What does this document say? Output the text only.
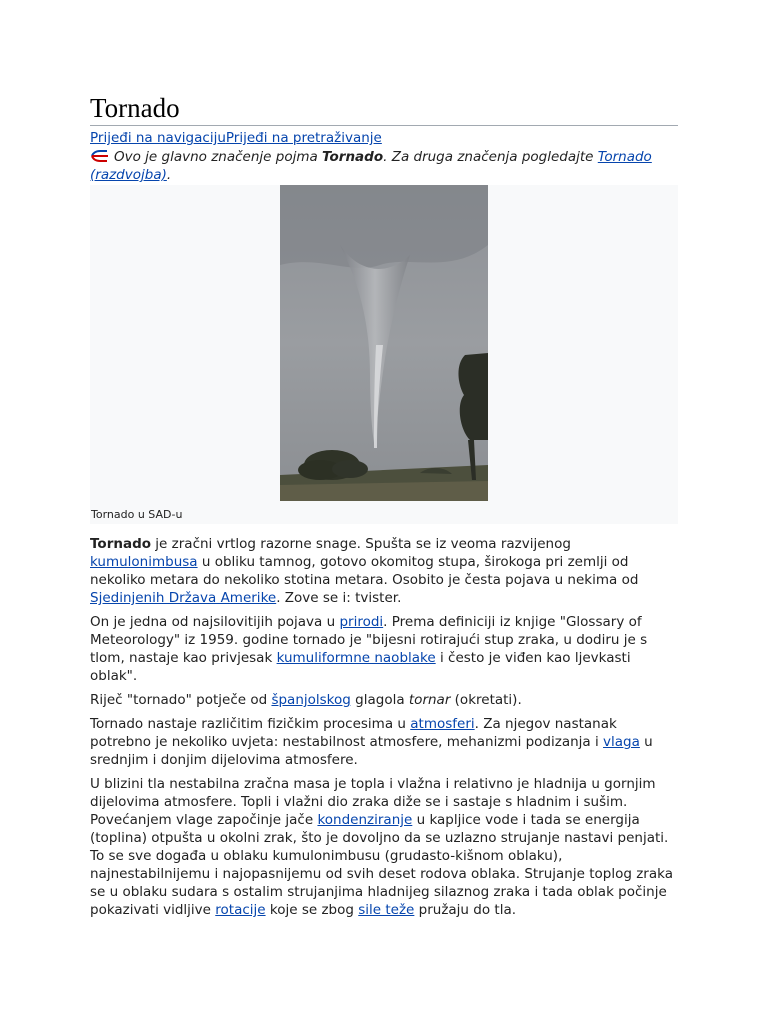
Tornado
Prijeđi na navigacijuPrijeđi na pretraživanje
Ovo je glavno značenje pojma Tornado. Za druga značenja pogledajte Tornado (razdvojba).
Tornado u SAD-u

Tornado je zračni vrtlog razorne snage. Spušta se iz veoma razvijenog kumulonimbusa u obliku tamnog, gotovo okomitog stupa, širokoga pri zemlji od nekoliko metara do nekoliko stotina metara. Osobito je česta pojava u nekima od Sjedinjenih Država Amerike. Zove se i: tvister.

On je jedna od najsilovitijih pojava u prirodi. Prema definiciji iz knjige "Glossary of Meteorology" iz 1959. godine tornado je "bijesni rotirajući stup zraka, u dodiru je s tlom, nastaje kao privjesak kumuliformne naoblake i često je viđen kao ljevkasti oblak".

Riječ "tornado" potječe od španjolskog glagola tornar (okretati).

Tornado nastaje različitim fizičkim procesima u atmosferi. Za njegov nastanak potrebno je nekoliko uvjeta: nestabilnost atmosfere, mehanizmi podizanja i vlaga u srednjim i donjim dijelovima atmosfere.

U blizini tla nestabilna zračna masa je topla i vlažna i relativno je hladnija u gornjim dijelovima atmosfere. Topli i vlažni dio zraka diže se i sastaje s hladnim i sušim. Povećanjem vlage započinje jače kondenziranje u kapljice vode i tada se energija (toplina) otpušta u okolni zrak, što je dovoljno da se uzlazno strujanje nastavi penjati. To se sve događa u oblaku kumulonimbusu (grudasto-kišnom oblaku), najnestabilnijemu i najopasnijemu od svih deset rodova oblaka. Strujanje toplog zraka se u oblaku sudara s ostalim strujanjima hladnijeg silaznog zraka i tada oblak počinje pokazivati vidljive rotacije koje se zbog sile teže pružaju do tla.
